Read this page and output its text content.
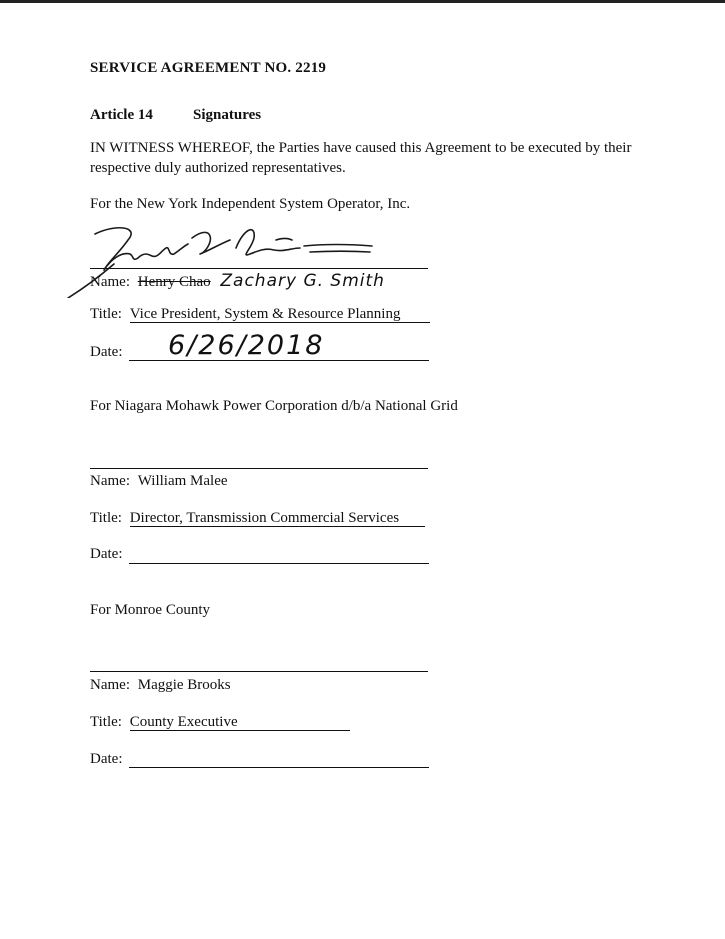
SERVICE AGREEMENT NO. 2219
Article 14	Signatures
IN WITNESS WHEREOF, the Parties have caused this Agreement to be executed by their
respective duly authorized representatives.
For the New York Independent System Operator, Inc.
Name: Henry Chao Zachary G. Smith
Title: Vice President, System & Resource Planning
Date: 6/26/2018
For Niagara Mohawk Power Corporation d/b/a National Grid
Name: William Malee
Title: Director, Transmission Commercial Services
Date:
For Monroe County
Name: Maggie Brooks
Title: County Executive
Date:
